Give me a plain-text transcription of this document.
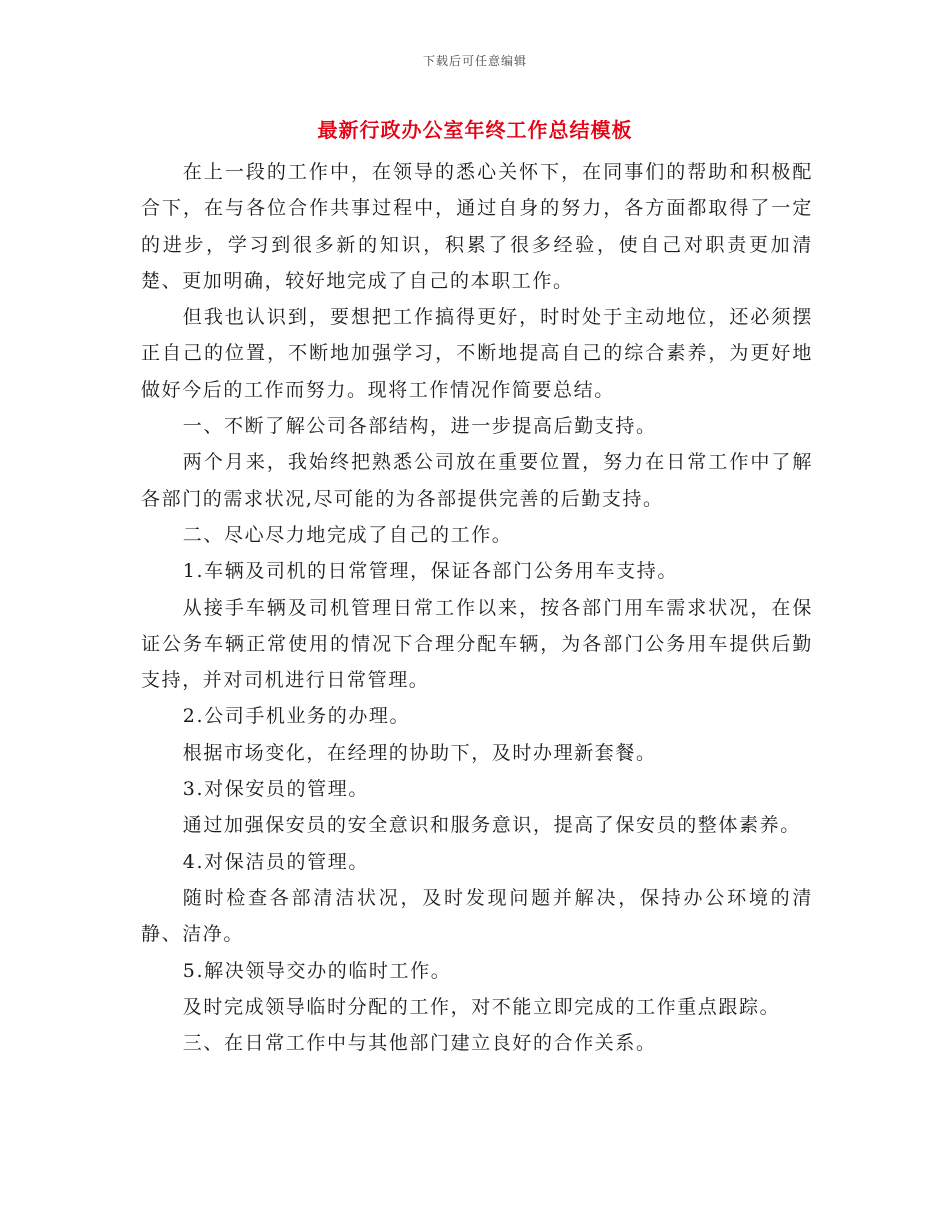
下载后可任意编辑
最新行政办公室年终工作总结模板

在上一段的工作中，在领导的悉心关怀下，在同事们的帮助和积极配合下，在与各位合作共事过程中，通过自身的努力，各方面都取得了一定的进步，学习到很多新的知识，积累了很多经验，使自己对职责更加清楚、更加明确，较好地完成了自己的本职工作。

但我也认识到，要想把工作搞得更好，时时处于主动地位，还必须摆正自己的位置，不断地加强学习，不断地提高自己的综合素养，为更好地做好今后的工作而努力。现将工作情况作简要总结。

一、不断了解公司各部结构，进一步提高后勤支持。

两个月来，我始终把熟悉公司放在重要位置，努力在日常工作中了解各部门的需求状况,尽可能的为各部提供完善的后勤支持。

二、尽心尽力地完成了自己的工作。

1.车辆及司机的日常管理，保证各部门公务用车支持。

从接手车辆及司机管理日常工作以来，按各部门用车需求状况，在保证公务车辆正常使用的情况下合理分配车辆，为各部门公务用车提供后勤支持，并对司机进行日常管理。

2.公司手机业务的办理。

根据市场变化，在经理的协助下，及时办理新套餐。

3.对保安员的管理。

通过加强保安员的安全意识和服务意识，提高了保安员的整体素养。

4.对保洁员的管理。

随时检查各部清洁状况，及时发现问题并解决，保持办公环境的清静、洁净。

5.解决领导交办的临时工作。

及时完成领导临时分配的工作，对不能立即完成的工作重点跟踪。

三、在日常工作中与其他部门建立良好的合作关系。
